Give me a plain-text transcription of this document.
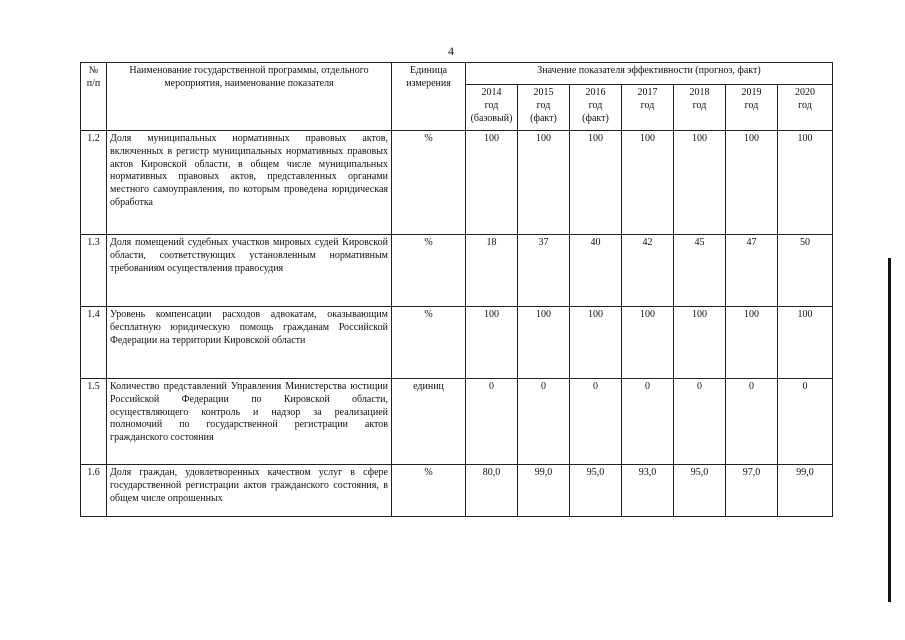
4
№ п/п	Наименование государственной программы, отдельного мероприятия, наименование показателя	Единица измерения	Значение показателя эффективности (прогноз, факт)						

			2014
год
(базовый)	2015
год
(факт)	2016
год
(факт)	2017
год	2018
год	2019
год	2020
год

1.2	Доля муниципальных нормативных правовых актов, включенных в регистр муниципальных нормативных правовых актов Кировской области, в общем числе муниципальных нормативных правовых актов, представленных органами местного самоуправления, по которым проведена юридическая обработка	%	100	100	100	100	100	100	100
1.3	Доля помещений судебных участков мировых судей Кировской области, соответствующих установленным нормативным требованиям осуществления правосудия	%	18	37	40	42	45	47	50
1.4	Уровень компенсации расходов адвокатам, оказывающим бесплатную юридическую помощь гражданам Российской Федерации на территории Кировской области	%	100	100	100	100	100	100	100
1.5	Количество представлений Управления Министерства юстиции Российской Федерации по Кировской области, осуществляющего контроль и надзор за реализацией полномочий по государственной регистрации актов гражданского состояния	единиц	0	0	0	0	0	0	0
1.6	Доля граждан, удовлетворенных качеством услуг в сфере государственной регистрации актов гражданского состояния, в общем числе опрошенных	%	80,0	99,0	95,0	93,0	95,0	97,0	99,0
